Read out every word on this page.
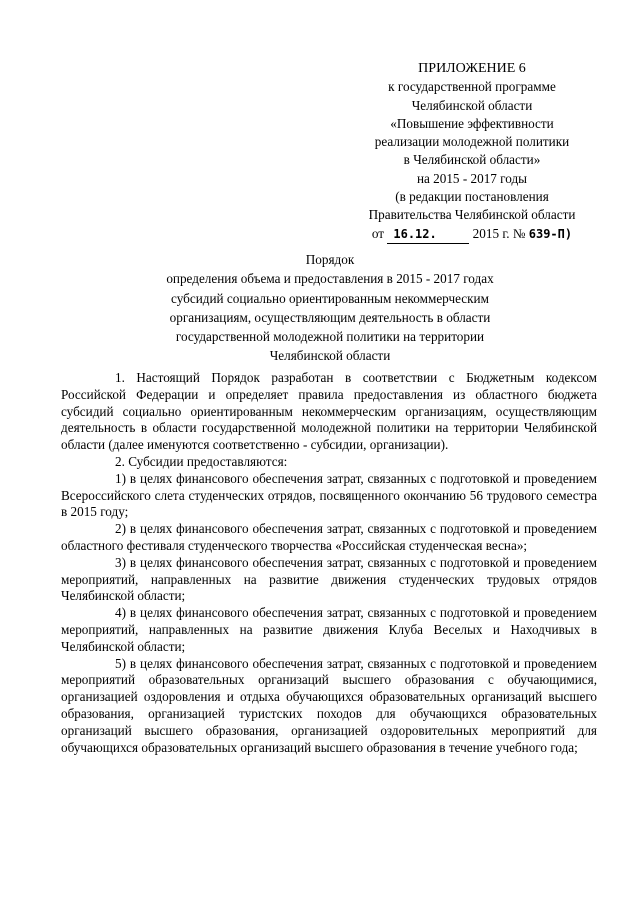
ПРИЛОЖЕНИЕ 6
к государственной программе
Челябинской области
«Повышение эффективности
реализации молодежной политики
в Челябинской области»
на 2015 - 2017 годы
(в редакции постановления
Правительства Челябинской области
от 16.12.	2015 г. № 639-П)
Порядок
определения объема и предоставления в 2015 - 2017 годах
субсидий социально ориентированным некоммерческим
организациям, осуществляющим деятельность в области
государственной молодежной политики на территории
Челябинской области

1. Настоящий Порядок разработан в соответствии с Бюджетным кодексом Российской Федерации и определяет правила предоставления из областного бюджета субсидий социально ориентированным некоммерческим организациям, осуществляющим деятельность в области государственной молодежной политики на территории Челябинской области (далее именуются соответственно - субсидии, организации).

2. Субсидии предоставляются:

1) в целях финансового обеспечения затрат, связанных с подготовкой и проведением Всероссийского слета студенческих отрядов, посвященного окончанию 56 трудового семестра в 2015 году;

2) в целях финансового обеспечения затрат, связанных с подготовкой и проведением областного фестиваля студенческого творчества «Российская студенческая весна»;

3) в целях финансового обеспечения затрат, связанных с подготовкой и проведением мероприятий, направленных на развитие движения студенческих трудовых отрядов Челябинской области;

4) в целях финансового обеспечения затрат, связанных с подготовкой и проведением мероприятий, направленных на развитие движения Клуба Веселых и Находчивых в Челябинской области;

5) в целях финансового обеспечения затрат, связанных с подготовкой и проведением мероприятий образовательных организаций высшего образования с обучающимися, организацией оздоровления и отдыха обучающихся образовательных организаций высшего образования, организацией туристских походов для обучающихся образовательных организаций высшего образования, организацией оздоровительных мероприятий для обучающихся образовательных организаций высшего образования в течение учебного года;
